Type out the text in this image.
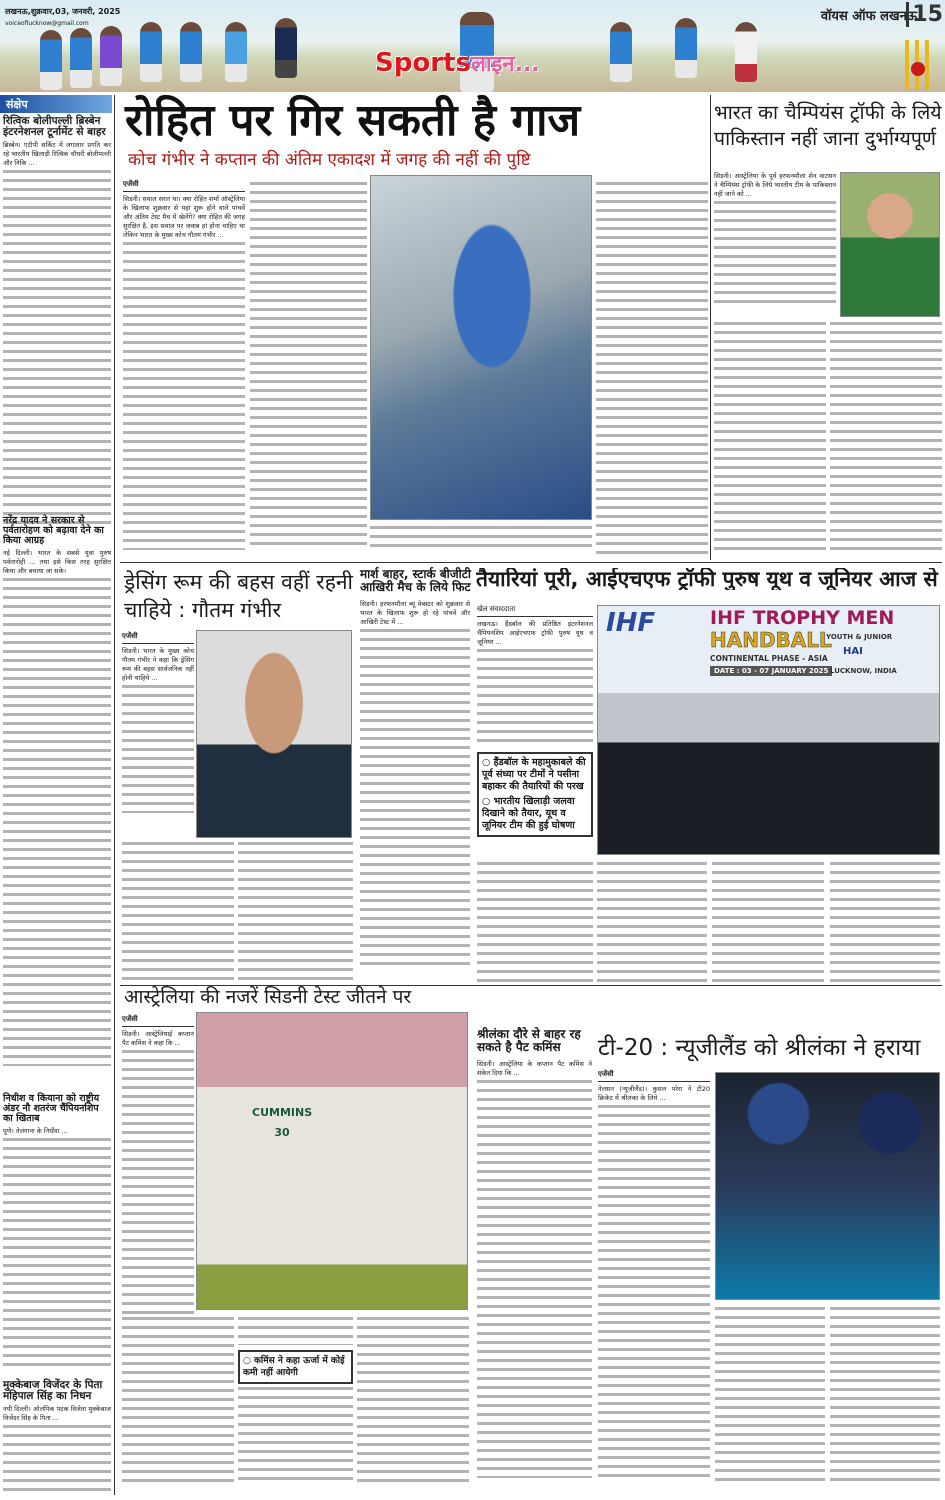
लखनऊ,शुक्रवार,03, जनवरी, 2025
voiceoflucknow@gmail.com	वॉयस ऑफ लखनऊ
15
Sportsलाइन...
संक्षेप
रित्विक बोलीपल्ली ब्रिस्बेन इंटरनेशनल टूर्नामेंट से बाहर
ब्रिस्बेन। एटीपी सर्किट में लगातार प्रगति कर रहे भारतीय खिलाड़ी रित्विक चौधरी बोलीपल्ली और निकि ...
नरेंद्र यादव ने सरकार से पर्वतारोहण को बढ़ावा देने का किया आग्रह
नई दिल्ली। भारत के सबसे युवा पुरुष पर्वतारोही ... तथा इसे किस तरह सुरक्षित किया और बचाया जा सके।
निधीश व कियाना को राष्ट्रीय अंडर नौ शतरंज चैंपियनशिप का खिताब
पुणे। तेलंगाना के निधीश ...
मुक्केबाज विजेंदर के पिता महिपाल सिंह का निधन
नयी दिल्ली। ओलंपिक पदक विजेता मुक्केबाज विजेंदर सिंह के पिता ...
रोहित पर गिर सकती है गाज
कोच गंभीर ने कप्तान की अंतिम एकादश में जगह की नहीं की पुष्टि
एजेंसी
सिडनी। सवाल सरल था। क्या रोहित शर्मा ऑस्ट्रेलिया के खिलाफ शुक्रवार से यहां शुरू होने वाले पांचवें और अंतिम टेस्ट मैच में खेलेंगे? क्या रोहित की जगह सुरक्षित है, इस सवाल पर जवाब हां होना चाहिए था लेकिन भारत के मुख्य कोच गौतम गंभीर ...
भारत का चैम्पियंस ट्रॉफी के लिये पाकिस्तान नहीं जाना दुर्भाग्यपूर्ण
सिडनी। आस्ट्रेलिया के पूर्व हरफनमौला शेन वाटसन ने चैम्पियंस ट्रॉफी के लिये भारतीय टीम के पाकिस्तान नहीं जाने को ...
ड्रेसिंग रूम की बहस वहीं रहनी चाहिये : गौतम गंभीर
एजेंसी
सिडनी। भारत के मुख्य कोच गौतम गंभीर ने कहा कि ड्रेसिंग रूम की बहस सार्वजनिक नहीं होनी चाहिये ...
मार्श बाहर, स्टार्क बीजीटी आखिरी मैच के लिये फिट
सिडनी। हरफनमौला ब्यू वेबस्टर को शुक्रवार से भारत के खिलाफ शुरू हो रहे पांचवें और आखिरी टेस्ट में ...
तैयारियां पूरी, आईएचएफ ट्रॉफी पुरुष यूथ व जूनियर आज से
खेल संवाददाता
लखनऊ। हैंडबॉल की प्रतिष्ठित इंटरनेशनल चैंपियनशिप आईएचएफ ट्रॉफी पुरुष यूथ व जूनियर ...
○ हैंडबॉल के महामुकाबले की पूर्व संध्या पर टीमों ने पसीना बहाकर की तैयारियों की परख
○ भारतीय खिलाड़ी जलवा दिखाने को तैयार, यूथ व जूनियर टीम की हुई घोषणा
IHF	IHF TROPHY MEN
HANDBALL
YOUTH & JUNIOR
HAI
CONTINENTAL PHASE - ASIA
DATE : 03 - 07 JANUARY 2025 LUCKNOW, INDIA
आस्ट्रेलिया की नजरें सिडनी टेस्ट जीतने पर
एजेंसी
सिडनी। आस्ट्रेलियाई कप्तान पैट कमिंस ने कहा कि ...
CUMMINS 30
○ कमिंस ने कहा ऊर्जा में कोई कमी नहीं आयेगी
श्रीलंका दौरे से बाहर रह सकते है पैट कमिंस
सिडनी। आस्ट्रेलिया के कप्तान पैट कमिंस ने संकेत दिया कि ...
टी-20 : न्यूजीलैंड को श्रीलंका ने हराया
एजेंसी
नेलसन (न्यूजीलैंड)। कुसल परेरा ने टी20 क्रिकेट में श्रीलंका के लिये ...
